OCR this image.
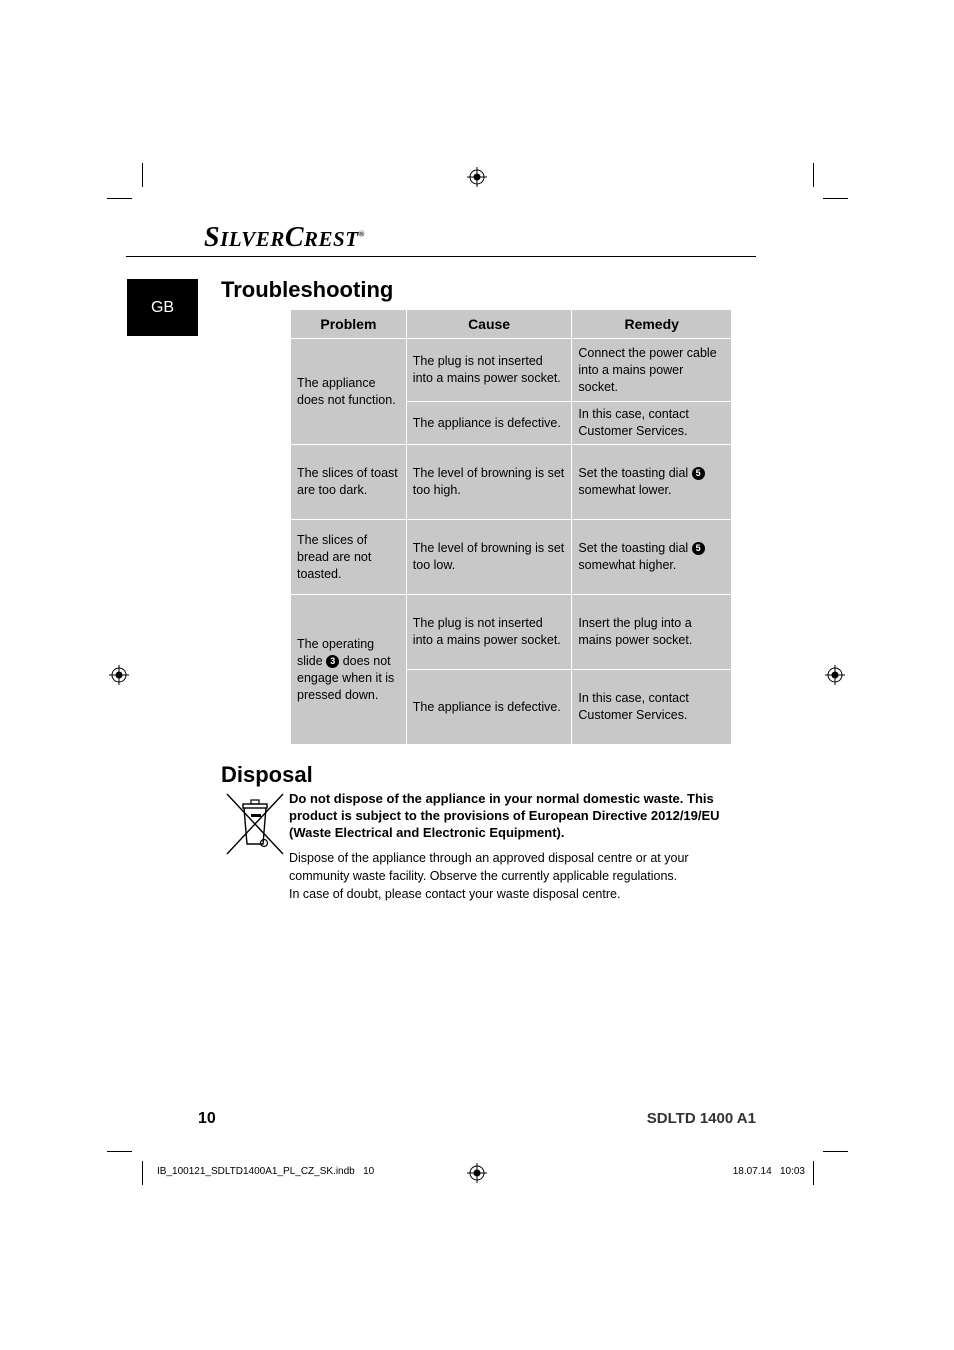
SILVERCREST®
GB
Troubleshooting
Problem	Cause	Remedy
The appliance does not function.	The plug is not inserted into a mains power socket.	Connect the power cable into a mains power socket.
	The appliance is defective.	In this case, contact Customer Services.
The slices of toast are too dark.	The level of browning is set too high.	Set the toasting dial 5
somewhat lower.
The slices of bread are not toasted.	The level of browning is set too low.	Set the toasting dial 5
somewhat higher.
The operating slide 3 does not engage when it is pressed down.	The plug is not inserted into a mains power socket.	Insert the plug into a mains power socket.
	The appliance is defective.	In this case, contact Customer Services.
Disposal
Do not dispose of the appliance in your normal domestic waste. This product is subject to the provisions of European Directive 2012/19/EU (Waste Electrical and Electronic Equipment).
Dispose of the appliance through an approved disposal centre or at your
community waste facility. Observe the currently applicable regulations.
In case of doubt, please contact your waste disposal centre.
10	SDLTD 1400 A1
IB_100121_SDLTD1400A1_PL_CZ_SK.indb   10	18.07.14   10:03
